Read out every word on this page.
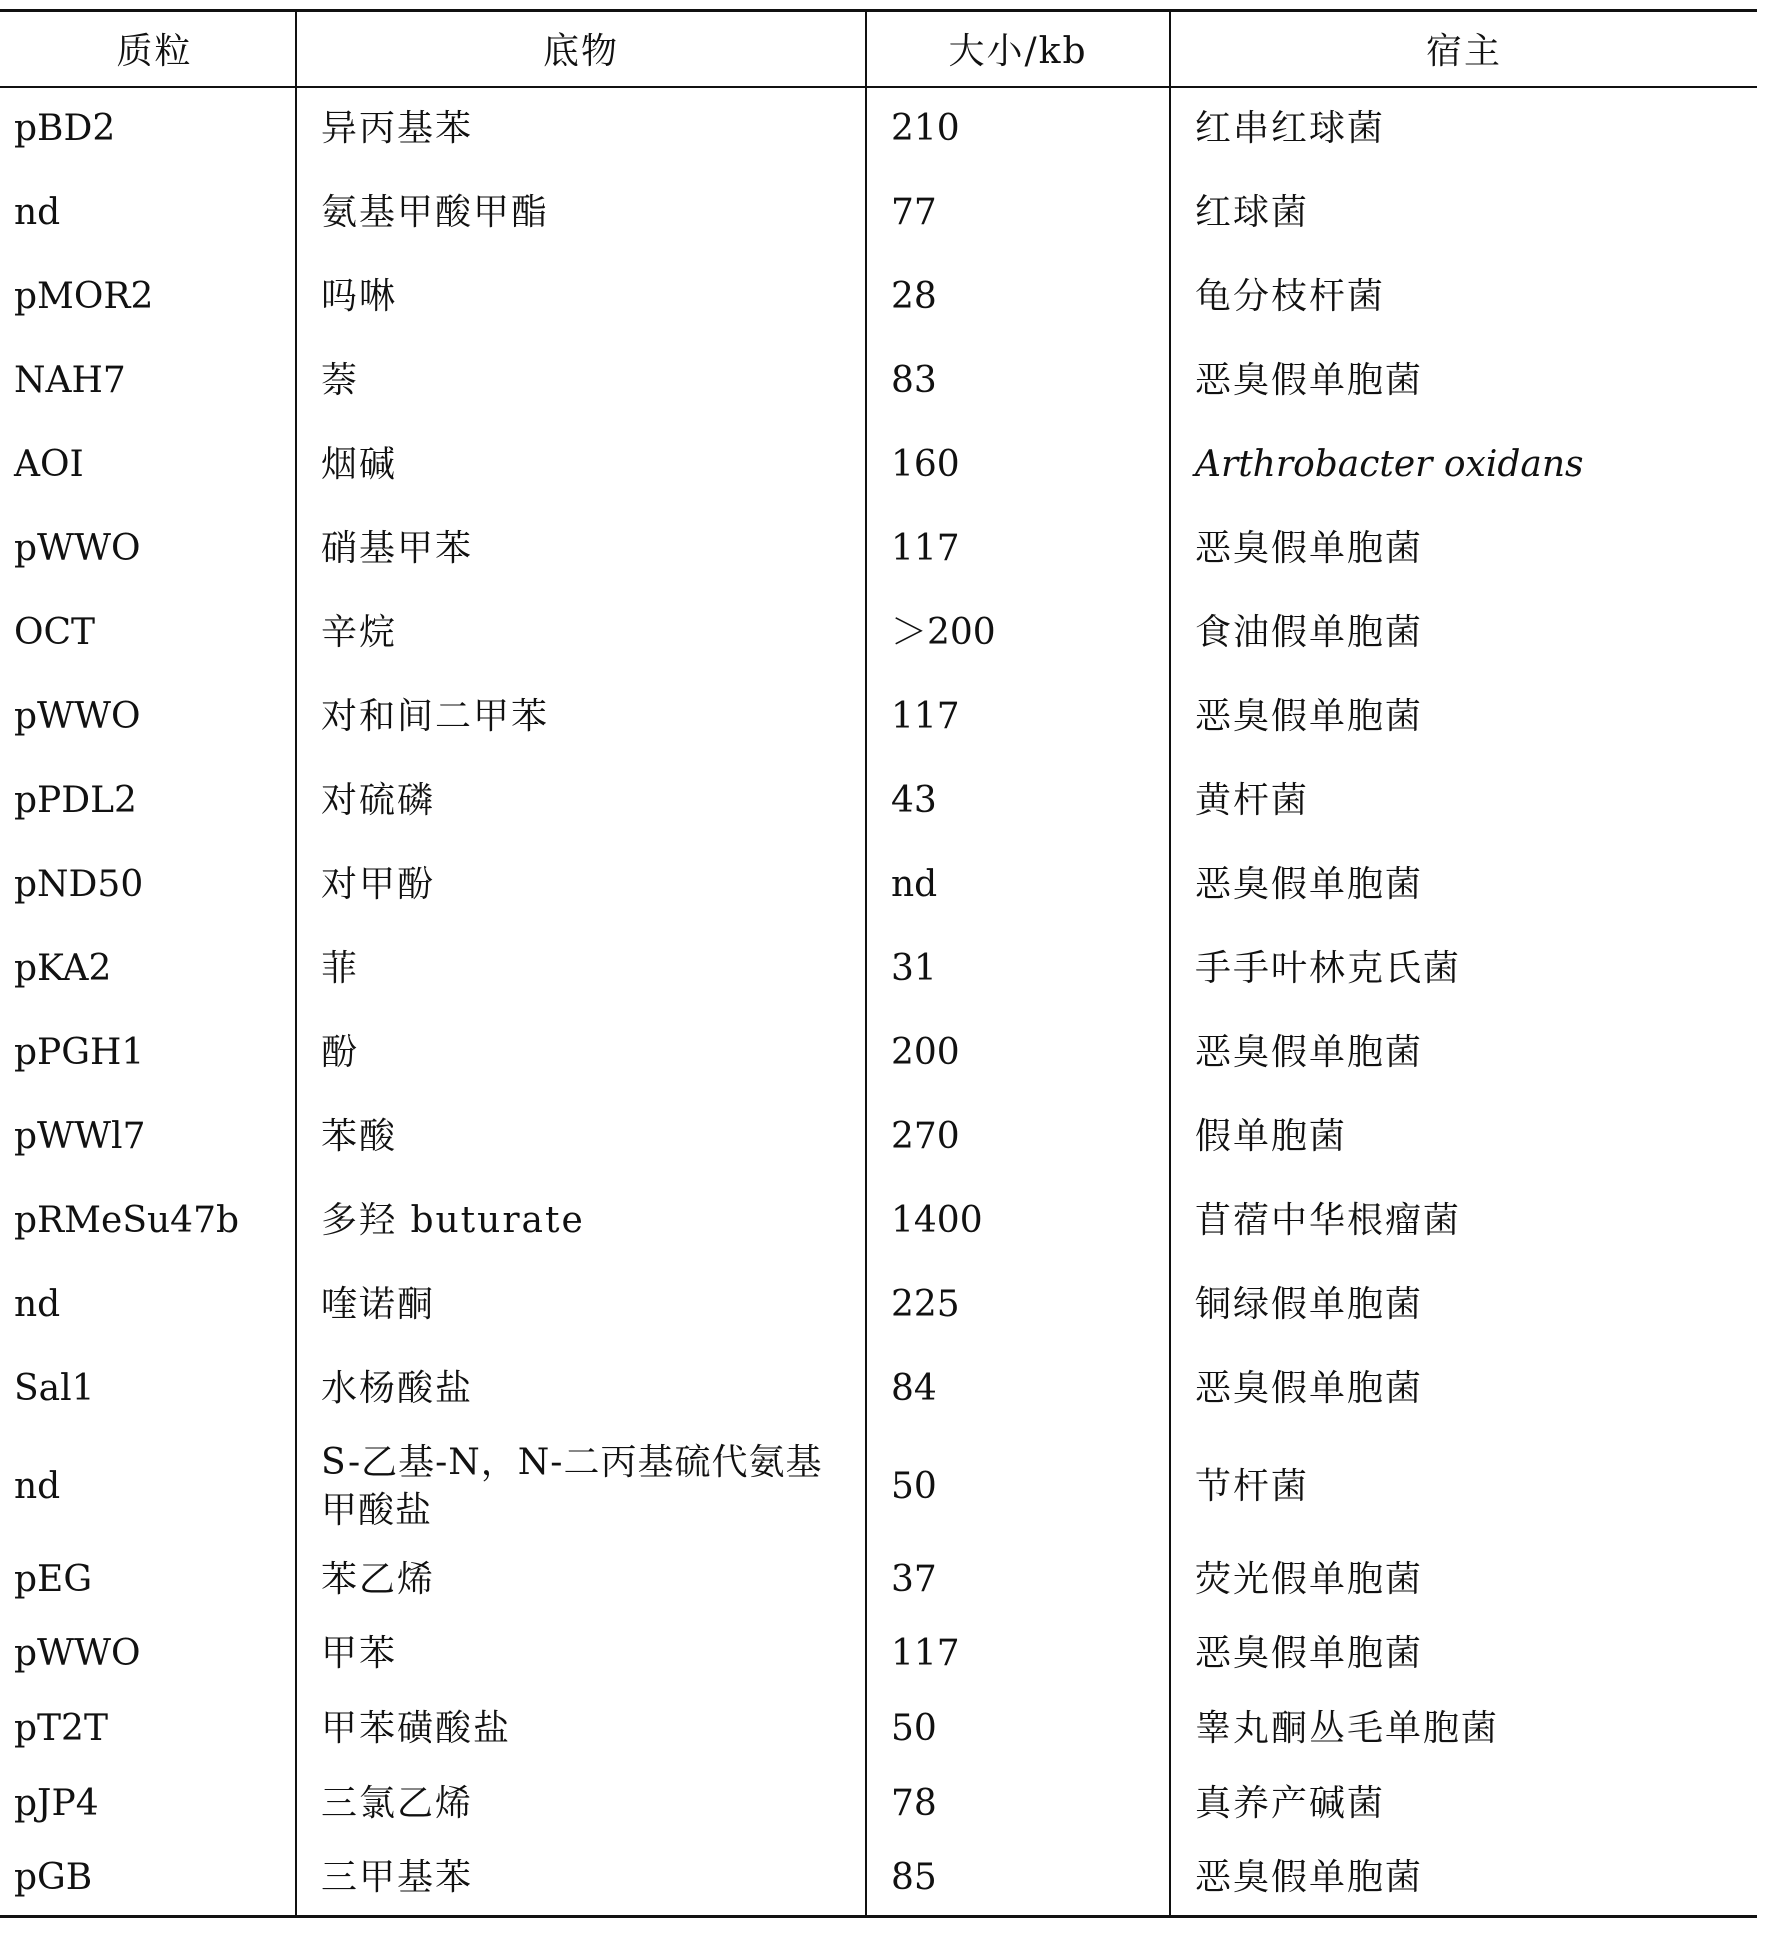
质粒	底物	大小/kb	宿主
pBD2	异丙基苯	210	红串红球菌
nd	氨基甲酸甲酯	77	红球菌
pMOR2	吗啉	28	龟分枝杆菌
NAH7	萘	83	恶臭假单胞菌
AOI	烟碱	160	Arthrobacter oxidans
pWWO	硝基甲苯	117	恶臭假单胞菌
OCT	辛烷	＞200	食油假单胞菌
pWWO	对和间二甲苯	117	恶臭假单胞菌
pPDL2	对硫磷	43	黄杆菌
pND50	对甲酚	nd	恶臭假单胞菌
pKA2	菲	31	手手叶林克氏菌
pPGH1	酚	200	恶臭假单胞菌
pWWl7	苯酸	270	假单胞菌
pRMeSu47b	多羟 buturate	1400	苜蓿中华根瘤菌
nd	喹诺酮	225	铜绿假单胞菌
Sal1	水杨酸盐	84	恶臭假单胞菌
nd	S-乙基-N，N-二丙基硫代氨基甲酸盐	50	节杆菌
pEG	苯乙烯	37	荧光假单胞菌
pWWO	甲苯	117	恶臭假单胞菌
pT2T	甲苯磺酸盐	50	睾丸酮丛毛单胞菌
pJP4	三氯乙烯	78	真养产碱菌
pGB	三甲基苯	85	恶臭假单胞菌
